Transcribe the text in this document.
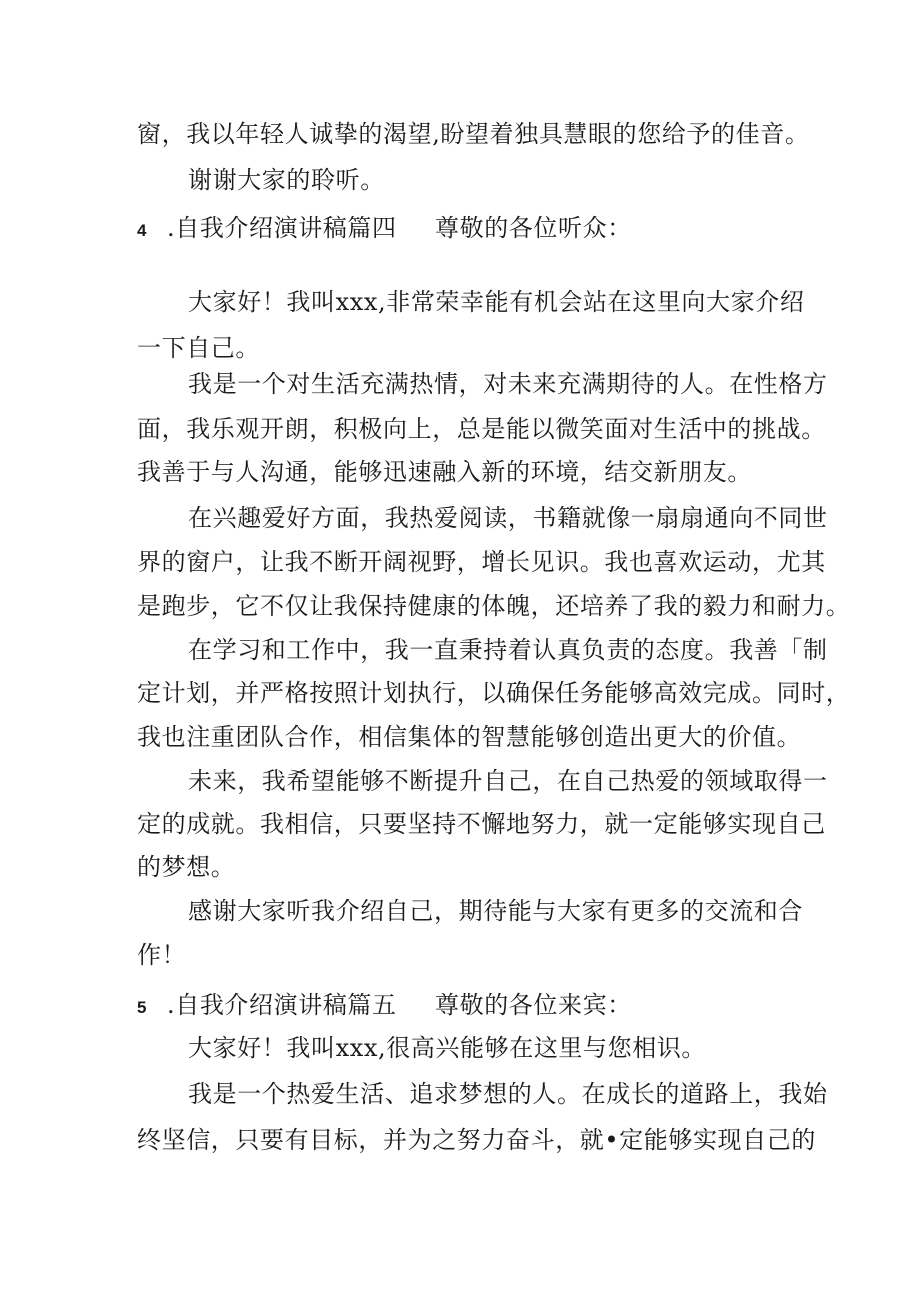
窗，我以年轻人诚挚的渴望,盼望着独具慧眼的您给予的佳音。
谢谢大家的聆听。
4 .自我介绍演讲稿篇四 尊敬的各位听众：
大家好！我叫xxx,非常荣幸能有机会站在这里向大家介绍
一下自己。
我是一个对生活充满热情，对未来充满期待的人。在性格方
面，我乐观开朗，积极向上，总是能以微笑面对生活中的挑战。
我善于与人沟通，能够迅速融入新的环境，结交新朋友。
在兴趣爱好方面，我热爱阅读，书籍就像一扇扇通向不同世
界的窗户，让我不断开阔视野，增长见识。我也喜欢运动，尤其
是跑步，它不仅让我保持健康的体魄，还培养了我的毅力和耐力。
在学习和工作中，我一直秉持着认真负责的态度。我善「制
定计划，并严格按照计划执行，以确保任务能够高效完成。同时，
我也注重团队合作，相信集体的智慧能够创造出更大的价值。
未来，我希望能够不断提升自己，在自己热爱的领域取得一
定的成就。我相信，只要坚持不懈地努力，就一定能够实现自己
的梦想。
感谢大家听我介绍自己，期待能与大家有更多的交流和合
作！
5 .自我介绍演讲稿篇五 尊敬的各位来宾：
大家好！我叫xxx,很高兴能够在这里与您相识。
我是一个热爱生活、追求梦想的人。在成长的道路上，我始
终坚信，只要有目标，并为之努力奋斗，就•定能够实现自己的
